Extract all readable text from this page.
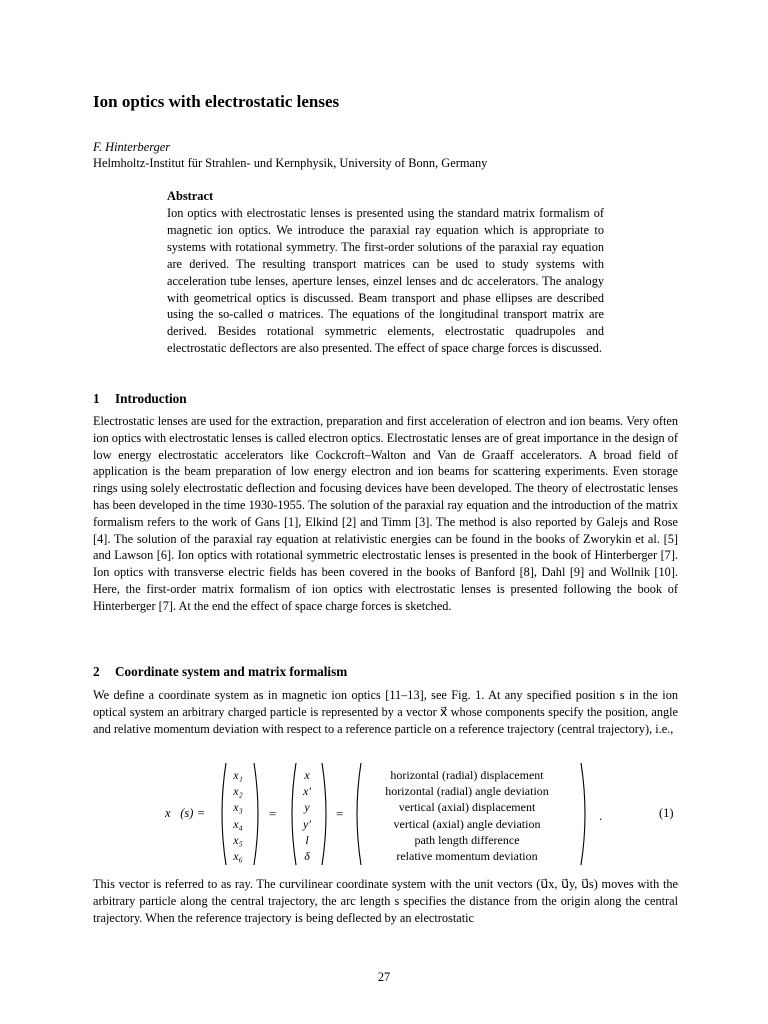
Ion optics with electrostatic lenses
F. Hinterberger
Helmholtz-Institut für Strahlen- und Kernphysik, University of Bonn, Germany
Abstract

Ion optics with electrostatic lenses is presented using the standard matrix formalism of magnetic ion optics. We introduce the paraxial ray equation which is appropriate to systems with rotational symmetry. The first-order solutions of the paraxial ray equation are derived. The resulting transport matrices can be used to study systems with acceleration tube lenses, aperture lenses, einzel lenses and dc accelerators. The analogy with geometrical optics is discussed. Beam transport and phase ellipses are described using the so-called σ matrices. The equations of the longitudinal transport matrix are derived. Besides rotational symmetric elements, electrostatic quadrupoles and electrostatic deflectors are also presented. The effect of space charge forces is discussed.

1 Introduction

Electrostatic lenses are used for the extraction, preparation and first acceleration of electron and ion beams. Very often ion optics with electrostatic lenses is called electron optics. Electrostatic lenses are of great importance in the design of low energy electrostatic accelerators like Cockcroft–Walton and Van de Graaff accelerators. A broad field of application is the beam preparation of low energy electron and ion beams for scattering experiments. Even storage rings using solely electrostatic deflection and focusing devices have been developed. The theory of electrostatic lenses has been developed in the time 1930-1955. The solution of the paraxial ray equation and the introduction of the matrix formalism refers to the work of Gans [1], Elkind [2] and Timm [3]. The method is also reported by Galejs and Rose [4]. The solution of the paraxial ray equation at relativistic energies can be found in the books of Zworykin et al. [5] and Lawson [6]. Ion optics with rotational symmetric electrostatic lenses is presented in the book of Hinterberger [7]. Ion optics with transverse electric fields has been covered in the books of Banford [8], Dahl [9] and Wollnik [10]. Here, the first-order matrix formalism of ion optics with electrostatic lenses is presented following the book of Hinterberger [7]. At the end the effect of space charge forces is sketched.

2 Coordinate system and matrix formalism

We define a coordinate system as in magnetic ion optics [11–13], see Fig. 1. At any specified position s in the ion optical system an arbitrary charged particle is represented by a vector x⃗ whose components specify the position, angle and relative momentum deviation with respect to a reference particle on a reference trajectory (central trajectory), i.e.,

x⃗(s) =
x₁
x₂
x₃
x₄
x₅
x₆
=
x
x′
y
y′
l
δ
=
horizontal (radial) displacement
horizontal (radial) angle deviation
vertical (axial) displacement
vertical (axial) angle deviation
path length difference
relative momentum deviation
.	(1)

This vector is referred to as ray. The curvilinear coordinate system with the unit vectors (u⃗x, u⃗y, u⃗s) moves with the arbitrary particle along the central trajectory, the arc length s specifies the distance from the origin along the central trajectory. When the reference trajectory is being deflected by an electrostatic

27
